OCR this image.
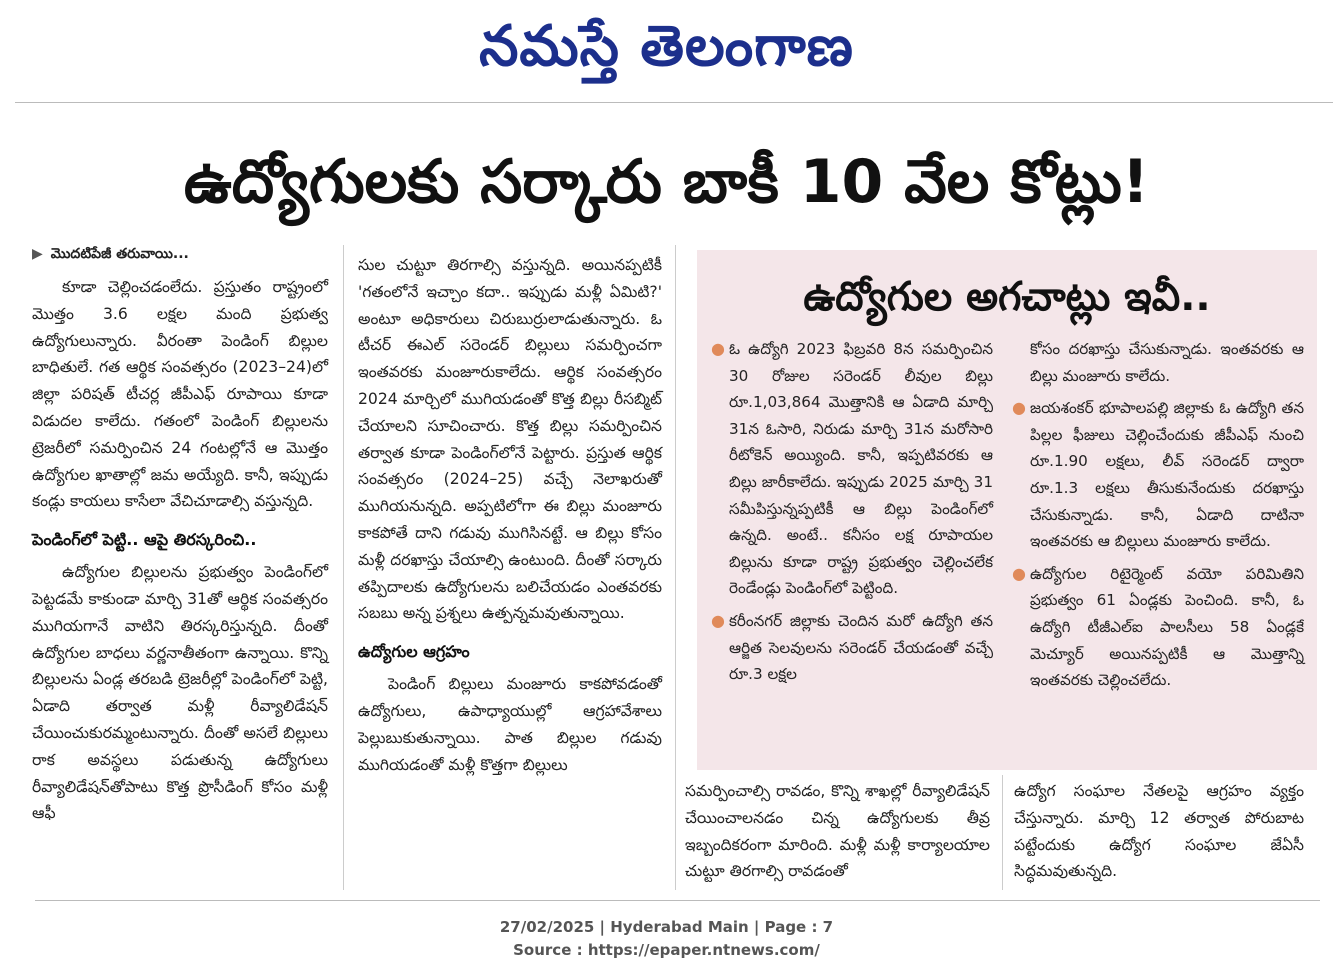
నమస్తే తెలంగాణ
ఉద్యోగులకు సర్కారు బాకీ 10 వేల కోట్లు!
▶ మొదటిపేజీ తరువాయి...

కూడా చెల్లించడంలేదు. ప్రస్తుతం రాష్ట్రంలో మొత్తం 3.6 లక్షల మంది ప్రభుత్వ ఉద్యోగులున్నారు. వీరంతా పెండింగ్ బిల్లుల బాధితులే. గత ఆర్థిక సంవత్సరం (2023–24)లో జిల్లా పరిషత్ టీచర్ల జీపీఎఫ్ రూపాయి కూడా విడుదల కాలేదు. గతంలో పెండింగ్ బిల్లులను ట్రెజరీలో సమర్పించిన 24 గంటల్లోనే ఆ మొత్తం ఉద్యోగుల ఖాతాల్లో జమ అయ్యేది. కానీ, ఇప్పుడు కండ్లు కాయలు కాసేలా వేచిచూడాల్సి వస్తున్నది.

పెండింగ్‌లో పెట్టి.. ఆపై తిరస్కరించి..

ఉద్యోగుల బిల్లులను ప్రభుత్వం పెండింగ్‌లో పెట్టడమే కాకుండా మార్చి 31తో ఆర్థిక సంవత్సరం ముగియగానే వాటిని తిరస్కరిస్తున్నది. దీంతో ఉద్యోగుల బాధలు వర్ణనాతీతంగా ఉన్నాయి. కొన్ని బిల్లులను ఏండ్ల తరబడి ట్రెజరీల్లో పెండింగ్‌లో పెట్టి, ఏడాది తర్వాత మళ్లీ రీవ్యాలిడేషన్ చేయించుకురమ్మంటున్నారు. దీంతో అసలే బిల్లులు రాక అవస్థలు పడుతున్న ఉద్యోగులు రీవ్యాలిడేషన్‌తోపాటు కొత్త ప్రొసీడింగ్ కోసం మళ్లీ ఆఫీ

సుల చుట్టూ తిరగాల్సి వస్తున్నది. అయినప్పటికీ 'గతంలోనే ఇచ్చాం కదా.. ఇప్పుడు మళ్లీ ఏమిటి?' అంటూ అధికారులు చిరుబుర్రులాడుతున్నారు. ఓ టీచర్ ఈఎల్ సరెండర్ బిల్లులు సమర్పించగా ఇంతవరకు మంజూరుకాలేదు. ఆర్థిక సంవత్సరం 2024 మార్చిలో ముగియడంతో కొత్త బిల్లు రీసబ్మిట్ చేయాలని సూచించారు. కొత్త బిల్లు సమర్పించిన తర్వాత కూడా పెండింగ్‌లోనే పెట్టారు. ప్రస్తుత ఆర్థిక సంవత్సరం (2024–25) వచ్చే నెలాఖరుతో ముగియనున్నది. అప్పటిలోగా ఈ బిల్లు మంజూరు కాకపోతే దాని గడువు ముగిసినట్టే. ఆ బిల్లు కోసం మళ్లీ దరఖాస్తు చేయాల్సి ఉంటుంది. దీంతో సర్కారు తప్పిదాలకు ఉద్యోగులను బలిచేయడం ఎంతవరకు సబబు అన్న ప్రశ్నలు ఉత్పన్నమవుతున్నాయి.

ఉద్యోగుల ఆగ్రహం

పెండింగ్ బిల్లులు మంజూరు కాకపోవడంతో ఉద్యోగులు, ఉపాధ్యాయుల్లో ఆగ్రహావేశాలు పెల్లుబుకుతున్నాయి. పాత బిల్లుల గడువు ముగియడంతో మళ్లీ కొత్తగా బిల్లులు

ఉద్యోగుల అగచాట్లు ఇవీ..

● ఓ ఉద్యోగి 2023 ఫిబ్రవరి 8న సమర్పించిన 30 రోజుల సరెండర్ లీవుల బిల్లు రూ.1,03,864 మొత్తానికి ఆ ఏడాది మార్చి 31న ఓసారి, నిరుడు మార్చి 31న మరోసారి రీటోకెన్ అయ్యింది. కానీ, ఇప్పటివరకు ఆ బిల్లు జారీకాలేదు. ఇప్పుడు 2025 మార్చి 31 సమీపిస్తున్నప్పటికీ ఆ బిల్లు పెండింగ్‌లో ఉన్నది. అంటే.. కనీసం లక్ష రూపాయల బిల్లును కూడా రాష్ట్ర ప్రభుత్వం చెల్లించలేక రెండేండ్లు పెండింగ్‌లో పెట్టింది.

● కరీంనగర్ జిల్లాకు చెందిన మరో ఉద్యోగి తన ఆర్జిత సెలవులను సరెండర్ చేయడంతో వచ్చే రూ.3 లక్షల

కోసం దరఖాస్తు చేసుకున్నాడు. ఇంతవరకు ఆ బిల్లు మంజూరు కాలేదు.

● జయశంకర్ భూపాలపల్లి జిల్లాకు ఓ ఉద్యోగి తన పిల్లల ఫీజులు చెల్లించేందుకు జీపీఎఫ్ నుంచి రూ.1.90 లక్షలు, లీవ్ సరెండర్ ద్వారా రూ.1.3 లక్షలు తీసుకునేందుకు దరఖాస్తు చేసుకున్నాడు. కానీ, ఏడాది దాటినా ఇంతవరకు ఆ బిల్లులు మంజూరు కాలేదు.

● ఉద్యోగుల రిటైర్మెంట్ వయో పరిమితిని ప్రభుత్వం 61 ఏండ్లకు పెంచింది. కానీ, ఓ ఉద్యోగి టీజీఎల్ఐ పాలసీలు 58 ఏండ్లకే మెచ్యూర్ అయినప్పటికీ ఆ మొత్తాన్ని ఇంతవరకు చెల్లించలేదు.

సమర్పించాల్సి రావడం, కొన్ని శాఖల్లో రీవ్యాలిడేషన్ చేయించాలనడం చిన్న ఉద్యోగులకు తీవ్ర ఇబ్బందికరంగా మారింది. మళ్లీ మళ్లీ కార్యాలయాల చుట్టూ తిరగాల్సి రావడంతో

ఉద్యోగ సంఘాల నేతలపై ఆగ్రహం వ్యక్తం చేస్తున్నారు. మార్చి 12 తర్వాత పోరుబాట పట్టేందుకు ఉద్యోగ సంఘాల జేఏసీ సిద్ధమవుతున్నది.

27/02/2025 | Hyderabad Main | Page : 7
Source : https://epaper.ntnews.com/
